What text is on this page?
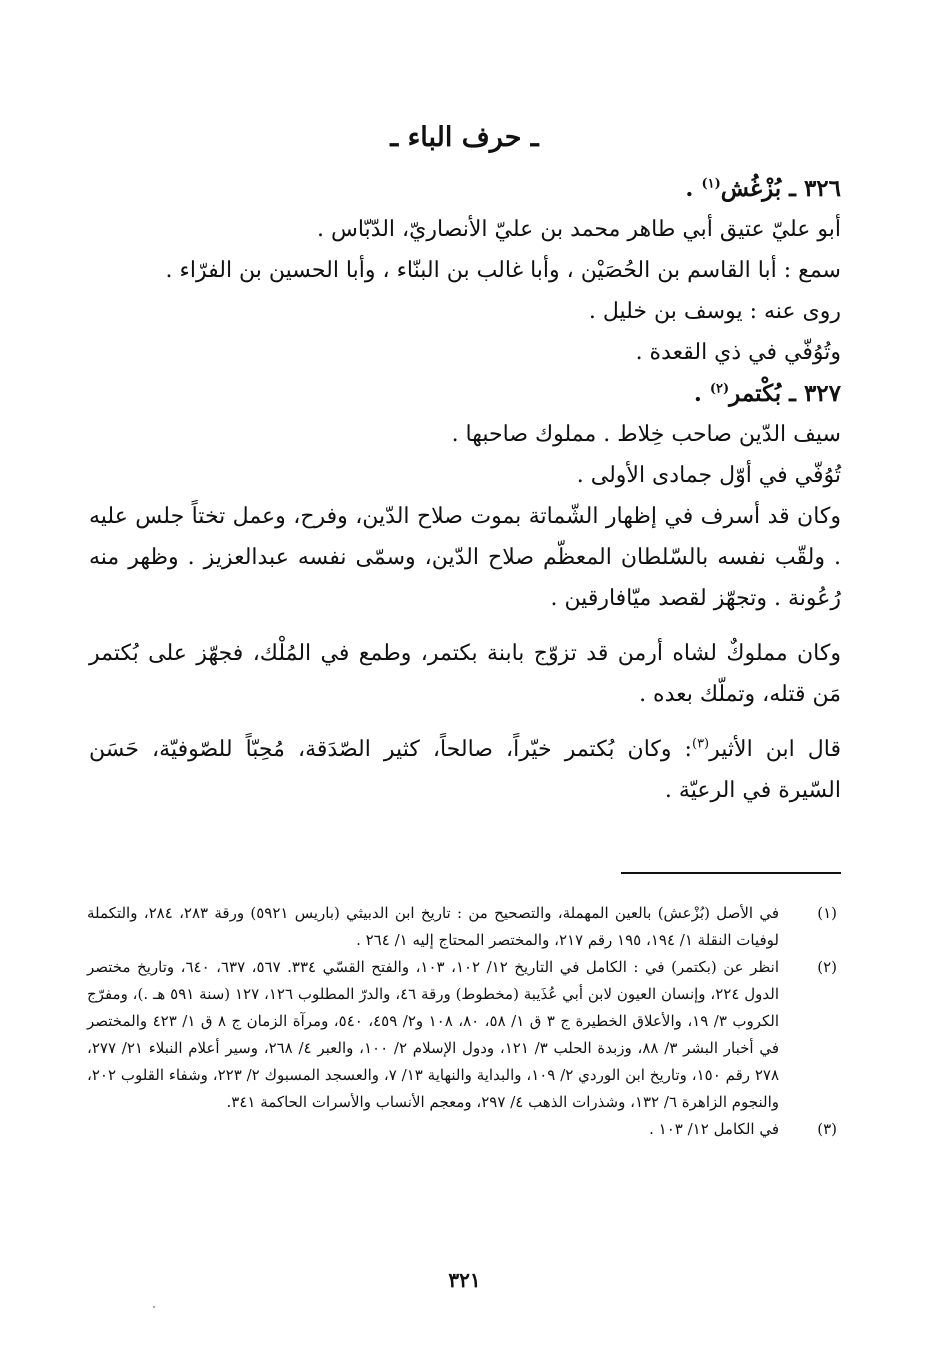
ـ حرف الباء ـ

٣٢٦ ـ بُزْغُش$^{(١)}$ .

أبو عليّ عتيق أبي طاهر محمد بن عليّ الأنصاريّ، الدّبّاس .

سمع : أبا القاسم بن الحُصَيْن ، وأبا غالب بن البنّاء ، وأبا الحسين بن الفرّاء .

روى عنه : يوسف بن خليل .

وتُوُفّي في ذي القعدة .

٣٢٧ ـ بُكْتمر$^{(٢)}$ .

سيف الدّين صاحب خِلاط . مملوك صاحبها .

تُوُفّي في أوّل جمادى الأولى .

وكان قد أسرف في إظهار الشّماتة بموت صلاح الدّين، وفرح، وعمل تختاً جلس عليه . ولقّب نفسه بالسّلطان المعظّم صلاح الدّين، وسمّى نفسه عبدالعزيز . وظهر منه رُعُونة . وتجهّز لقصد ميّافارقين .

وكان مملوكٌ لشاه أرمن قد تزوّج بابنة بكتمر، وطمع في المُلْك، فجهّز على بُكتمر مَن قتله، وتملّك بعده .

قال ابن الأثير$^{(٣)}$: وكان بُكتمر خيّراً، صالحاً، كثير الصّدَقة، مُحِبّاً للصّوفيّة، حَسَن السّيرة في الرعيّة .

(١)
في الأصل (بُزْعش) بالعين المهملة، والتصحيح من : تاريخ ابن الدبيثي (باريس ٥٩٢١) ورقة ٢٨٣، ٢٨٤، والتكملة لوفيات النقلة ١/ ١٩٤، ١٩٥ رقم ٢١٧، والمختصر المحتاج إليه ١/ ٢٦٤ .
(٢)
انظر عن (بكتمر) في : الكامل في التاريخ ١٢/ ١٠٢، ١٠٣، والفتح القسّي ٣٣٤. ٥٦٧، ٦٣٧، ٦٤٠، وتاريخ مختصر الدول ٢٢٤، وإنسان العيون لابن أبي عُذَيبة (مخطوط) ورقة ٤٦، والدرّ المطلوب ١٢٦، ١٢٧ (سنة ٥٩١ هـ .)، ومفرّج الكروب ٣/ ١٩، والأعلاق الخطيرة ج ٣ ق ١/ ٥٨، ٨٠، ١٠٨ و٢/ ٤٥٩، ٥٤٠، ومرآة الزمان ج ٨ ق ١/ ٤٢٣ والمختصر في أخبار البشر ٣/ ٨٨، وزبدة الحلب ٣/ ١٢١، ودول الإسلام ٢/ ١٠٠، والعبر ٤/ ٢٦٨، وسير أعلام النبلاء ٢١/ ٢٧٧، ٢٧٨ رقم ١٥٠، وتاريخ ابن الوردي ٢/ ١٠٩، والبداية والنهاية ١٣/ ٧، والعسجد المسبوك ٢/ ٢٢٣، وشفاء القلوب ٢٠٢، والنجوم الزاهرة ٦/ ١٣٢، وشذرات الذهب ٤/ ٢٩٧، ومعجم الأنساب والأسرات الحاكمة ٣٤١.
(٣)
في الكامل ١٢/ ١٠٣ .
٣٢١
